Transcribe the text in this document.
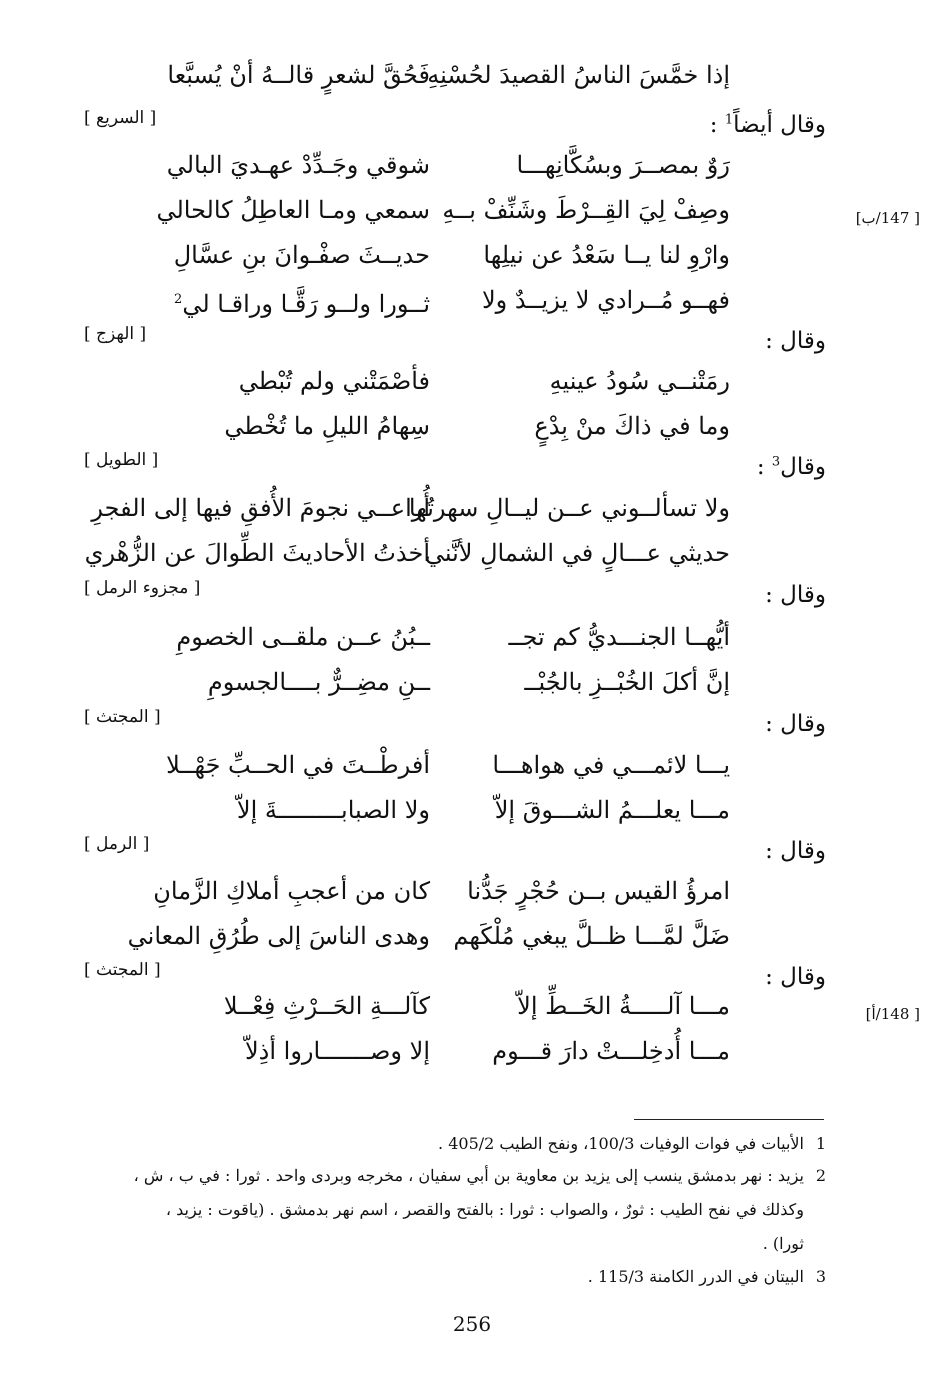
إذا خمَّسَ الناسُ القصيدَ لحُسْنِهِ
فَحُقَّ لشعرٍ قالــهُ أنْ يُسبَّعا
وقال أيضاً$^1$ :
[ السريع ]
رَوٌ بمصــرَ وبسُكَّانِهـــا
شوقي وجَـدِّدْ عهـديَ البالي
وصِفْ لِيَ القِــرْطَ وشَنِّفْ بــهِ
سمعي ومـا العاطِلُ كالحالي	[ 147/ب]
وارْوِ لنا يــا سَعْدُ عن نيلِها
حديــثَ صفْـوانَ بنِ عسَّالِ
فهــو مُــرادي لا يزيــدٌ ولا
ثــورا ولــو رَقَّـا وراقـا لي$^2$
وقال :
[ الهزج ]
رمَتْنــي سُودُ عينيهِ
فأصْمَتْني ولم تُبْطي
وما في ذاكَ منْ بِدْعٍ
سِهامُ الليلِ ما تُخْطي
وقال$^3$ :
[ الطويل ]
ولا تسألــوني عــن ليــالِ سهرتُها
أُراعــي نجومَ الأُفقِ فيها إلى الفجرِ
حديثي عـــالٍ في الشمالِ لأنَّني
أخذتُ الأحاديثَ الطِّوالَ عن الزُّهْري
وقال :
[ مجزوء الرمل ]
أيُّهــا الجنـــديُّ كم تجــ
ــبُنُ عــن ملقــى الخصومِ
إنَّ أكلَ الخُبْــزِ بالجُبْــ
ــنِ مضِــرٌّ بــــالجسومِ
وقال :
[ المجتث ]
يـــا لائمـــي في هواهـــا
أفرطْــتَ في الحــبِّ جَهْــلا
مـــا يعلـــمُ الشـــوقَ إلاّ
ولا الصبابـــــــــةَ إلاّ
وقال :
[ الرمل ]
امرؤُ القيس بــن حُجْرٍ جَدُّنا
كان من أعجبِ أملاكِ الزَّمانِ
ضَلَّ لمَّـــا ظــلَّ يبغي مُلْكَهم
وهدى الناسَ إلى طُرُقِ المعاني
وقال :
[ المجتث ]
مـــا آلـــــةُ الخَــطِّ إلاّ
كآلـــةِ الحَــرْثِ فِعْــلا	[ 148/أ]
مـــا أُدخِلـــتْ دارَ قـــوم
إلا وصـــــــاروا أذِلاّ
1الأبيات في فوات الوفيات 100/3، ونفح الطيب 405/2 .
2يزيد : نهر بدمشق ينسب إلى يزيد بن معاوية بن أبي سفيان ، مخرجه وبردى واحد . ثورا : في ب ، ش ،
وكذلك في نفح الطيب : ثورٌ ، والصواب : ثورا : بالفتح والقصر ، اسم نهر بدمشق . (ياقوت : يزيد ،
ثورا) .
3البيتان في الدرر الكامنة 115/3 .
256
